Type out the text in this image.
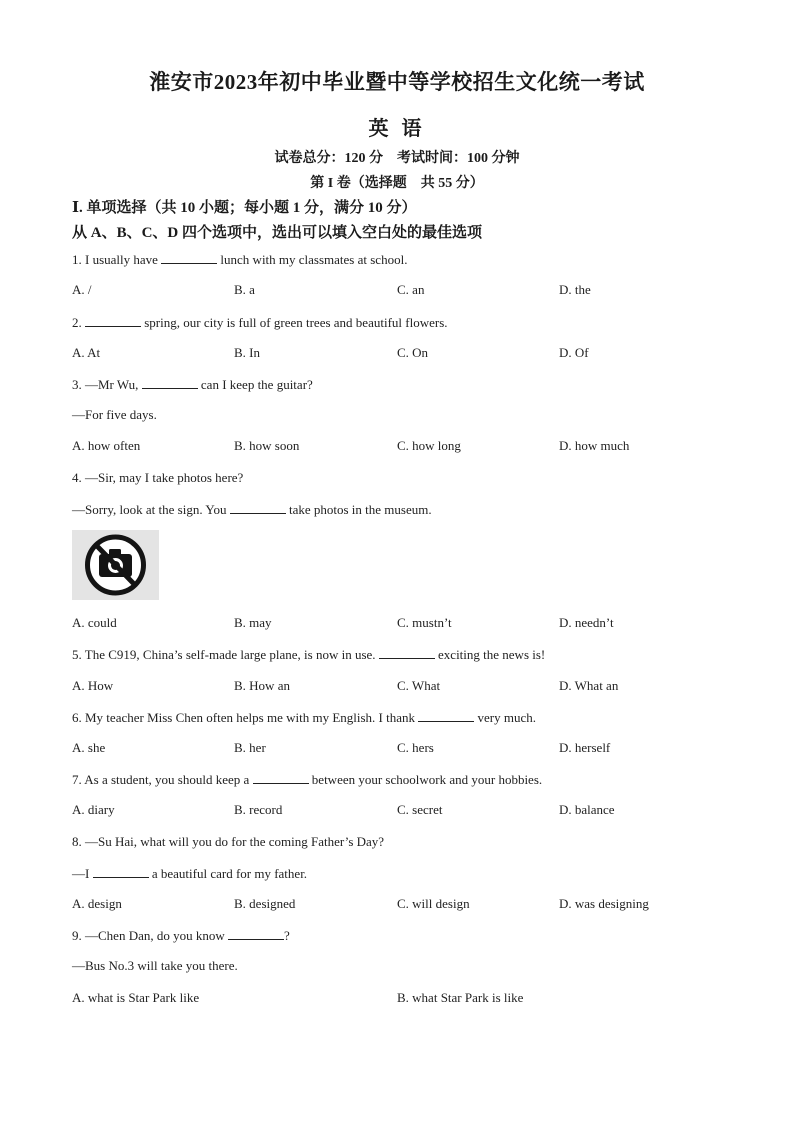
淮安市2023年初中毕业暨中等学校招生文化统一考试
英 语
试卷总分：120 分　考试时间：100 分钟
第 I 卷（选择题　共 55 分）
Ⅰ. 单项选择（共 10 小题；每小题 1 分，满分 10 分）
从 A、B、C、D 四个选项中，选出可以填入空白处的最佳选项
1. I usually have	lunch with my classmates at school.
A. /	B. a	C. an	D. the
2.	spring, our city is full of green trees and beautiful flowers.
A. At	B. In	C. On	D. Of
3. —Mr Wu,	can I keep the guitar?
—For five days.
A. how often	B. how soon	C. how long	D. how much
4. —Sir, may I take photos here?
—Sorry, look at the sign. You	take photos in the museum.
A. could	B. may	C. mustn’t	D. needn’t
5. The C919, China’s self-made large plane, is now in use.	exciting the news is!
A. How	B. How an	C. What	D. What an
6. My teacher Miss Chen often helps me with my English. I thank	very much.
A. she	B. her	C. hers	D. herself
7. As a student, you should keep a	between your schoolwork and your hobbies.
A. diary	B. record	C. secret	D. balance
8. —Su Hai, what will you do for the coming Father’s Day?
—I	a beautiful card for my father.
A. design	B. designed	C. will design	D. was designing
9. —Chen Dan, do you know	?
—Bus No.3 will take you there.
A. what is Star Park like	B. what Star Park is like
